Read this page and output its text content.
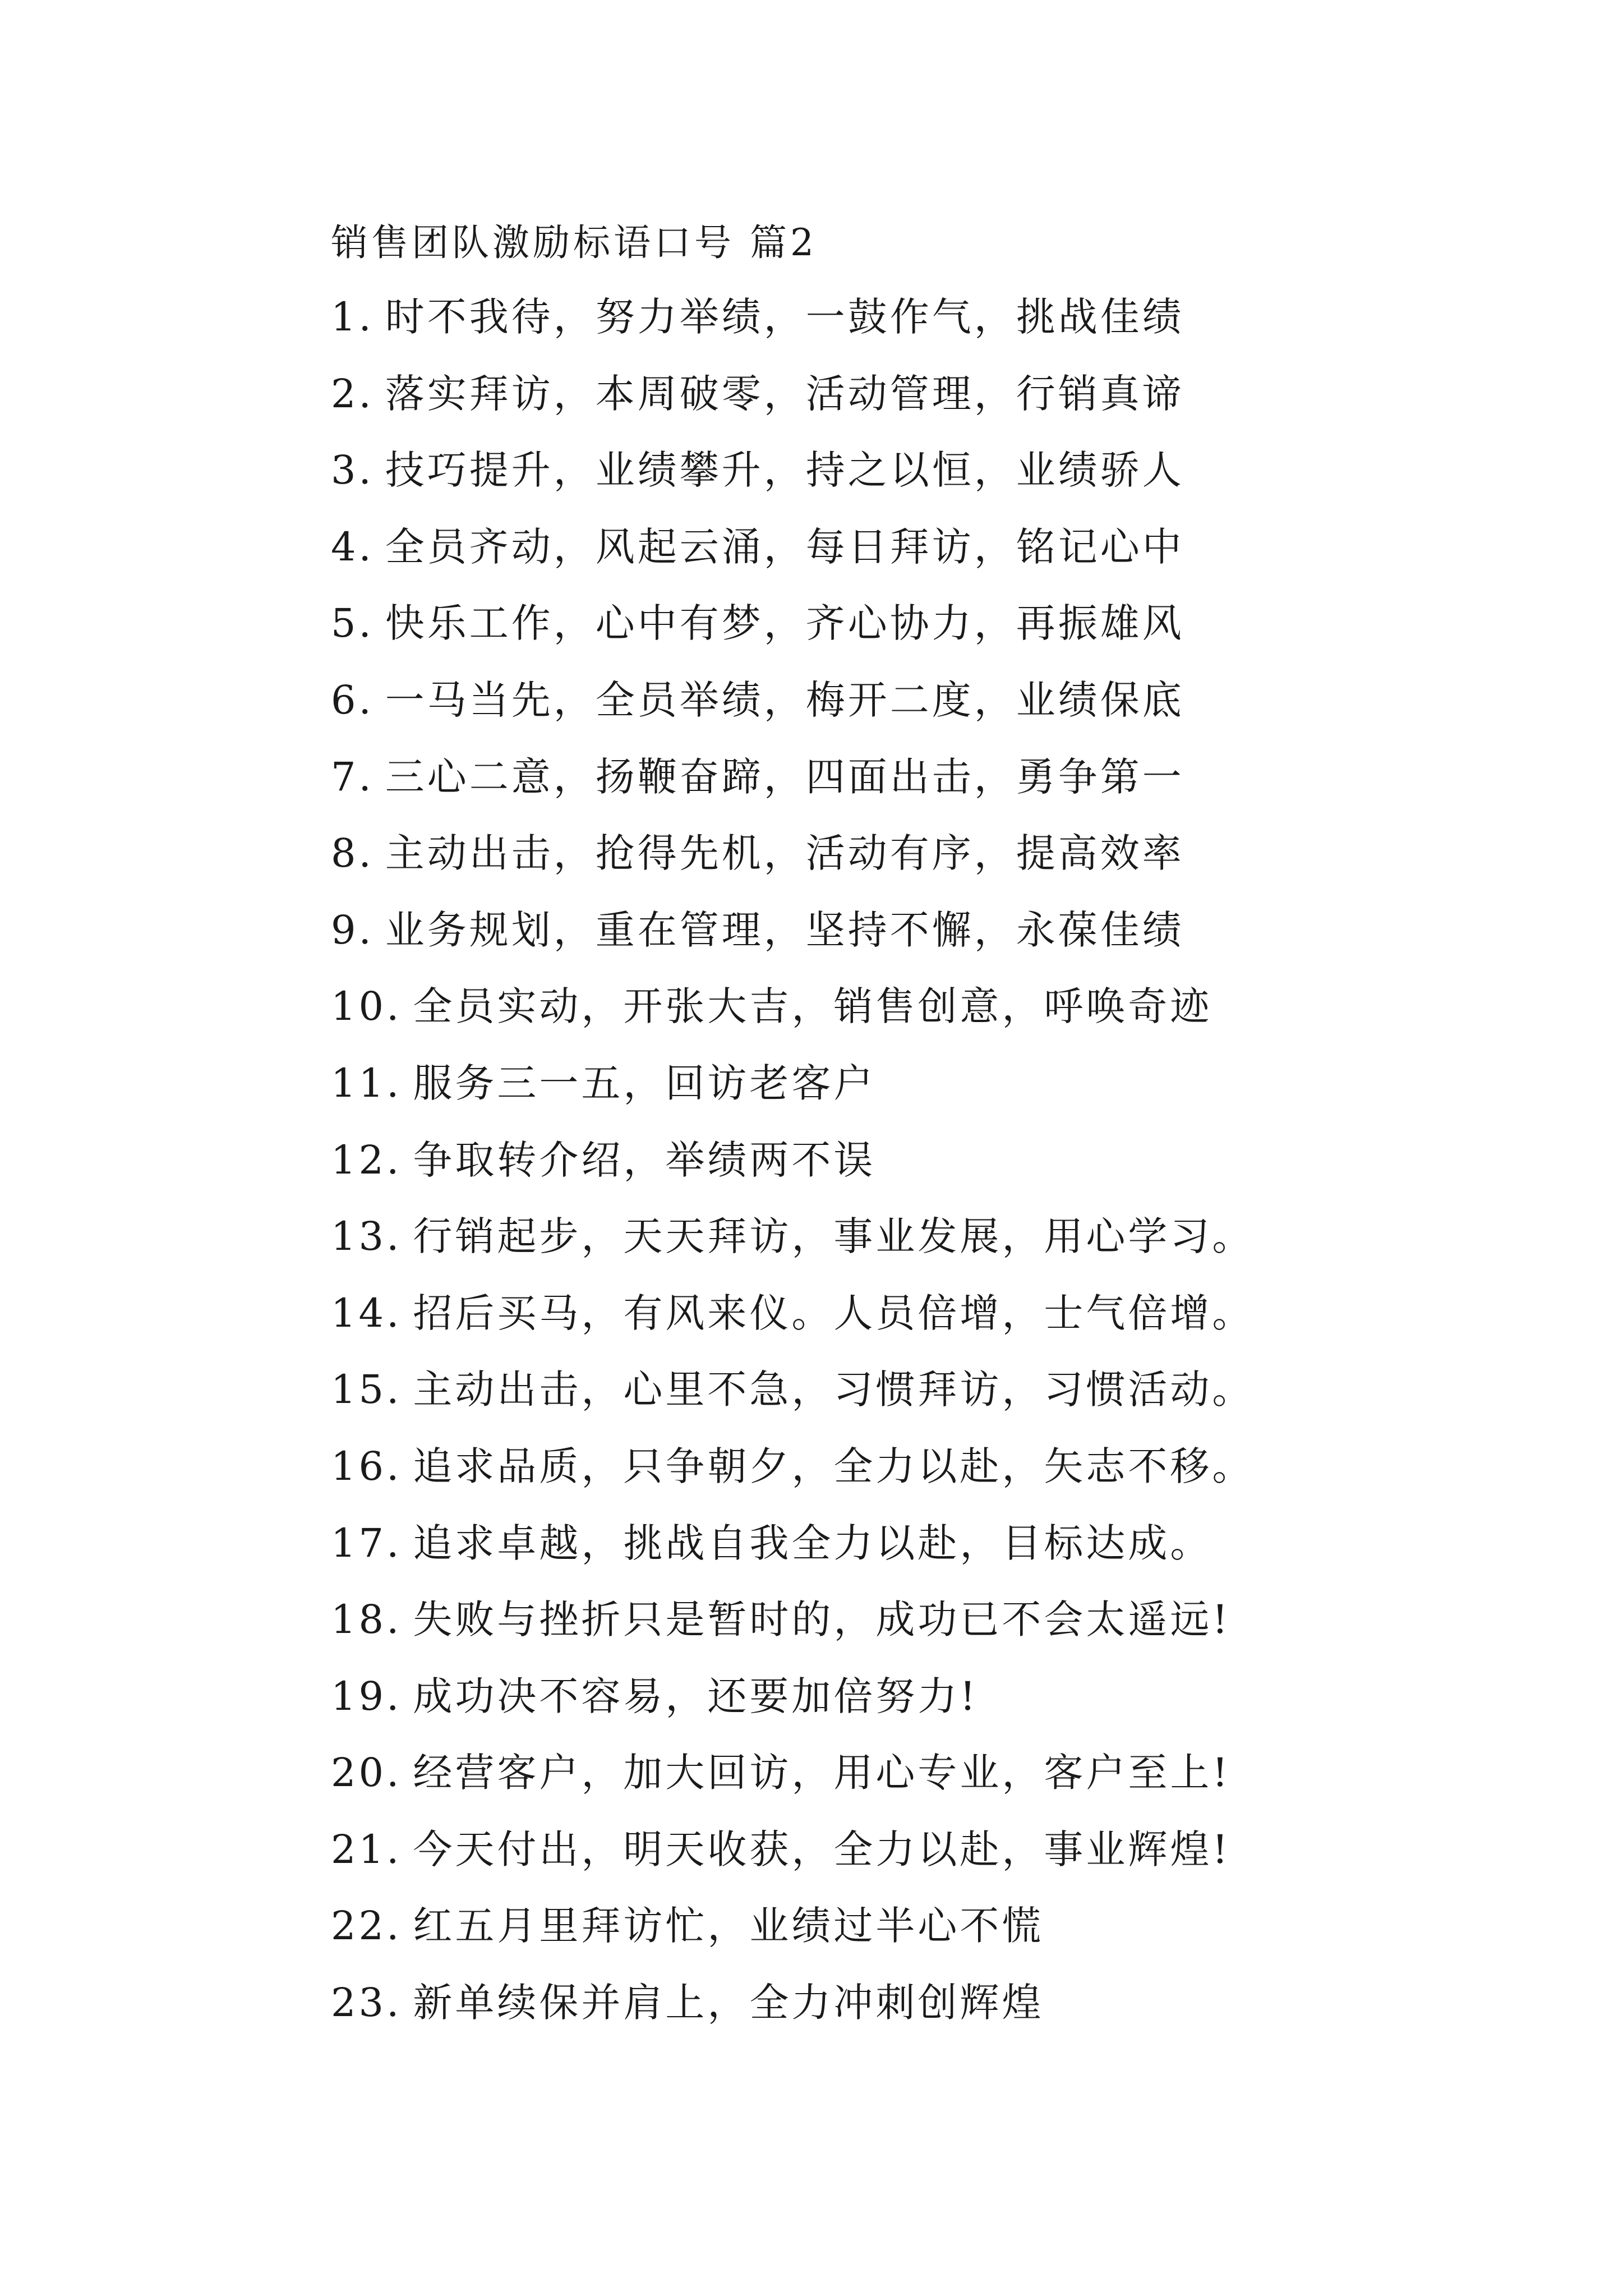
销售团队激励标语口号 篇2
1. 时不我待，努力举绩，一鼓作气，挑战佳绩
2. 落实拜访，本周破零，活动管理，行销真谛
3. 技巧提升，业绩攀升，持之以恒，业绩骄人
4. 全员齐动，风起云涌，每日拜访，铭记心中
5. 快乐工作，心中有梦，齐心协力，再振雄风
6. 一马当先，全员举绩，梅开二度，业绩保底
7. 三心二意，扬鞭奋蹄，四面出击，勇争第一
8. 主动出击，抢得先机，活动有序，提高效率
9. 业务规划，重在管理，坚持不懈，永葆佳绩
10. 全员实动，开张大吉，销售创意，呼唤奇迹
11. 服务三一五，回访老客户
12. 争取转介绍，举绩两不误
13. 行销起步，天天拜访，事业发展，用心学习。
14. 招后买马，有风来仪。人员倍增，士气倍增。
15. 主动出击，心里不急，习惯拜访，习惯活动。
16. 追求品质，只争朝夕，全力以赴，矢志不移。
17. 追求卓越，挑战自我全力以赴，目标达成。
18. 失败与挫折只是暂时的，成功已不会太遥远!
19. 成功决不容易，还要加倍努力!
20. 经营客户，加大回访，用心专业，客户至上!
21. 今天付出，明天收获，全力以赴，事业辉煌!
22. 红五月里拜访忙，业绩过半心不慌
23. 新单续保并肩上，全力冲刺创辉煌
